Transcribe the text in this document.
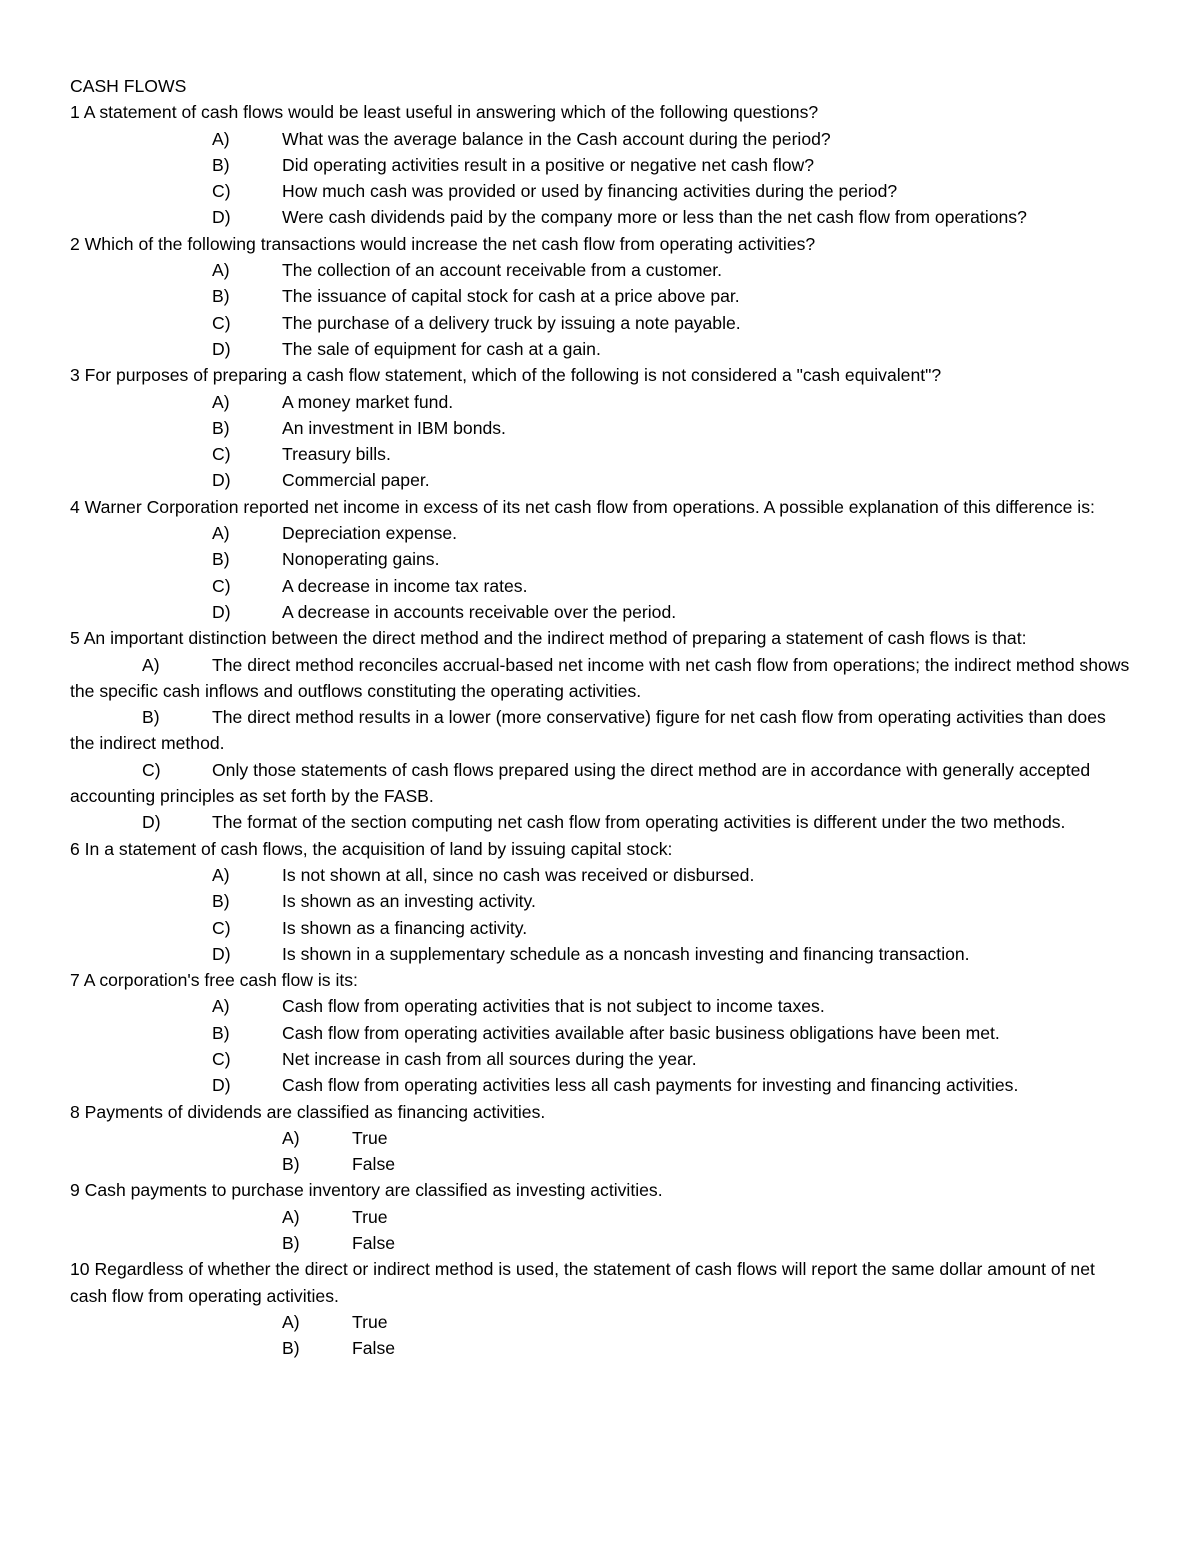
CASH FLOWS

1 A statement of cash flows would be least useful in answering which of the following questions?

A)	What was the average balance in the Cash account during the period?

B)	Did operating activities result in a positive or negative net cash flow?

C)	How much cash was provided or used by financing activities during the period?

D)	Were cash dividends paid by the company more or less than the net cash flow from operations?

2 Which of the following transactions would increase the net cash flow from operating activities?

A)	The collection of an account receivable from a customer.

B)	The issuance of capital stock for cash at a price above par.

C)	The purchase of a delivery truck by issuing a note payable.

D)	The sale of equipment for cash at a gain.

3 For purposes of preparing a cash flow statement, which of the following is not considered a "cash equivalent"?

A)	A money market fund.

B)	An investment in IBM bonds.

C)	Treasury bills.

D)	Commercial paper.

4 Warner Corporation reported net income in excess of its net cash flow from operations. A possible explanation of this difference is:

A)	Depreciation expense.

B)	Nonoperating gains.

C)	A decrease in income tax rates.

D)	A decrease in accounts receivable over the period.

5 An important distinction between the direct method and the indirect method of preparing a statement of cash flows is that:

A)	The direct method reconciles accrual-based net income with net cash flow from operations; the indirect method shows the specific cash inflows and outflows constituting the operating activities.

B)	The direct method results in a lower (more conservative) figure for net cash flow from operating activities than does the indirect method.

C)	Only those statements of cash flows prepared using the direct method are in accordance with generally accepted accounting principles as set forth by the FASB.

D)	The format of the section computing net cash flow from operating activities is different under the two methods.

6 In a statement of cash flows, the acquisition of land by issuing capital stock:

A)	Is not shown at all, since no cash was received or disbursed.

B)	Is shown as an investing activity.

C)	Is shown as a financing activity.

D)	Is shown in a supplementary schedule as a noncash investing and financing transaction.

7 A corporation's free cash flow is its:

A)	Cash flow from operating activities that is not subject to income taxes.

B)	Cash flow from operating activities available after basic business obligations have been met.

C)	Net increase in cash from all sources during the year.

D)	Cash flow from operating activities less all cash payments for investing and financing activities.

8 Payments of dividends are classified as financing activities.

A)	True

B)	False

9 Cash payments to purchase inventory are classified as investing activities.

A)	True

B)	False

10 Regardless of whether the direct or indirect method is used, the statement of cash flows will report the same dollar amount of net cash flow from operating activities.

A)	True

B)	False
